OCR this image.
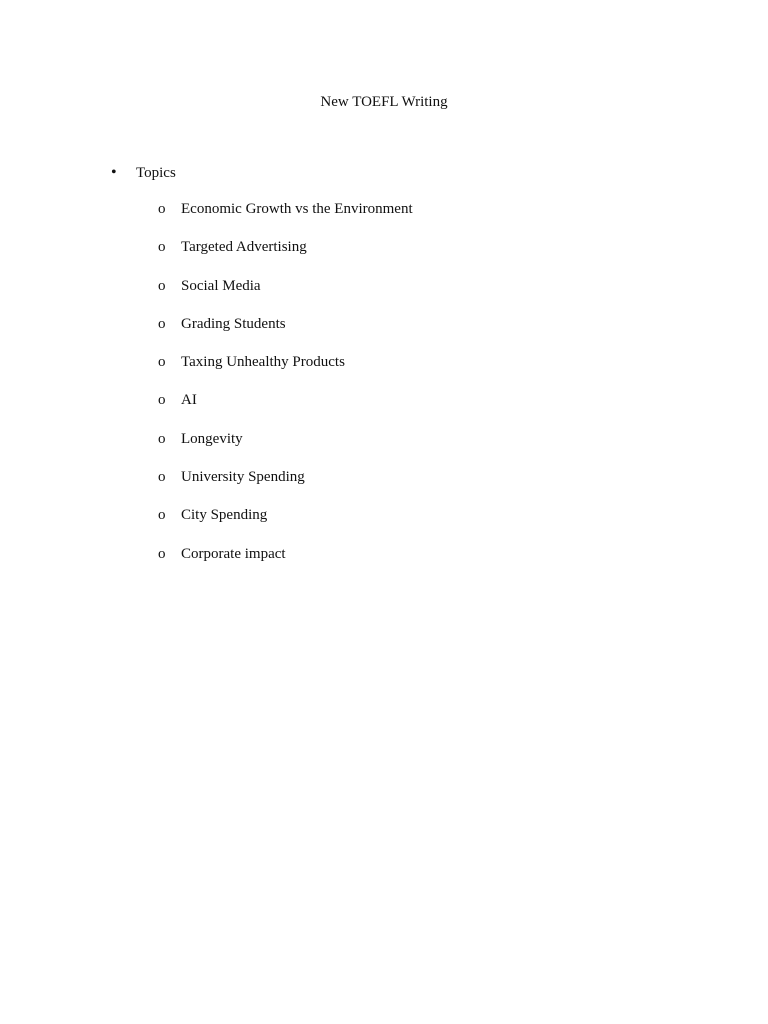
New TOEFL Writing
•	Topics
o	Economic Growth vs the Environment
o	Targeted Advertising
o	Social Media
o	Grading Students
o	Taxing Unhealthy Products
o	AI
o	Longevity
o	University Spending
o	City Spending
o	Corporate impact
